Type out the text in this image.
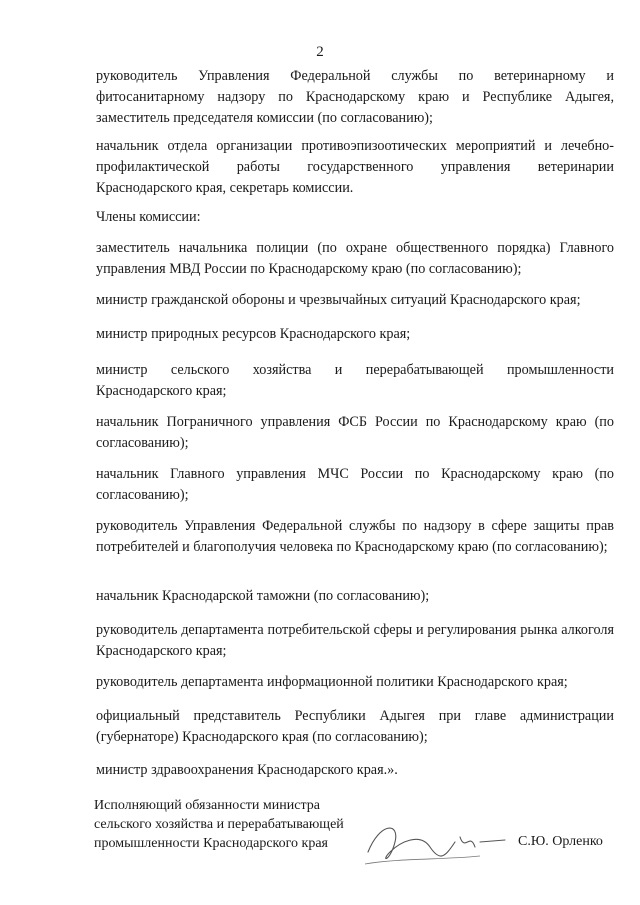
2
руководитель Управления Федеральной службы по ветеринарному и фитосанитарному надзору по Краснодарскому краю и Республике Адыгея, заместитель председателя комиссии (по согласованию);
начальник отдела организации противоэпизоотических мероприятий и лечебно-профилактической работы государственного управления ветеринарии Краснодарского края, секретарь комиссии.
Члены комиссии:
заместитель начальника полиции (по охране общественного порядка) Главного управления МВД России по Краснодарскому краю (по согласованию);
министр гражданской обороны и чрезвычайных ситуаций Краснодарского края;
министр природных ресурсов Краснодарского края;
министр сельского хозяйства и перерабатывающей промышленности Краснодарского края;
начальник Пограничного управления ФСБ России по Краснодарскому краю (по согласованию);
начальник Главного управления МЧС России по Краснодарскому краю (по согласованию);
руководитель Управления Федеральной службы по надзору в сфере защиты прав потребителей и благополучия человека по Краснодарскому краю (по согласованию);
начальник Краснодарской таможни (по согласованию);
руководитель департамента потребительской сферы и регулирования рынка алкоголя Краснодарского края;
руководитель департамента информационной политики Краснодарского края;
официальный представитель Республики Адыгея при главе администрации (губернаторе) Краснодарского края (по согласованию);
министр здравоохранения Краснодарского края.».
Исполняющий обязанности министра
сельского хозяйства и перерабатывающей
промышленности Краснодарского края	С.Ю. Орленко
